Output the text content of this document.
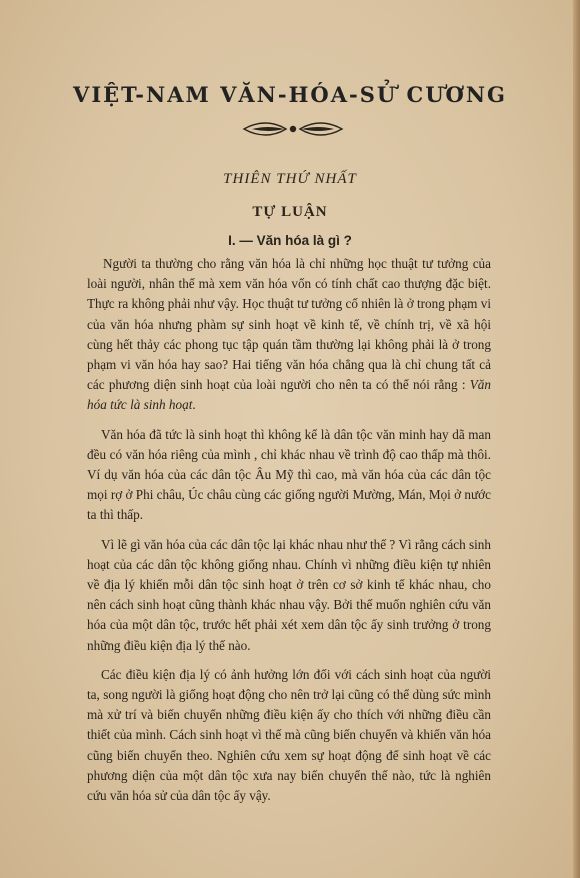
VIỆT-NAM VĂN-HÓA-SỬ CƯƠNG
THIÊN THỨ NHẤT
TỰ LUẬN
I. — Văn hóa là gì ?

Người ta thường cho rằng văn hóa là chỉ những học thuật tư tưởng của loài người, nhân thế mà xem văn hóa vốn có tính chất cao thượng đặc biệt. Thực ra không phải như vậy. Học thuật tư tưởng cố nhiên là ở trong phạm vi của văn hóa nhưng phàm sự sinh hoạt về kinh tế, về chính trị, về xã hội cùng hết thảy các phong tục tập quán tầm thường lại không phải là ở trong phạm vi văn hóa hay sao? Hai tiếng văn hóa chẳng qua là chỉ chung tất cả các phương diện sinh hoạt của loài người cho nên ta có thể nói rằng : Văn hóa tức là sinh hoạt.

Văn hóa đã tức là sinh hoạt thì không kể là dân tộc văn minh hay dã man đều có văn hóa riêng của mình , chỉ khác nhau về trình độ cao thấp mà thôi. Ví dụ văn hóa của các dân tộc Âu Mỹ thì cao, mà văn hóa của các dân tộc mọi rợ ở Phi châu, Úc châu cùng các giống người Mường, Mán, Mọi ở nước ta thì thấp.

Vì lẽ gì văn hóa của các dân tộc lại khác nhau như thế ? Vì rằng cách sinh hoạt của các dân tộc không giống nhau. Chính vì những điều kiện tự nhiên về địa lý khiến mỗi dân tộc sinh hoạt ở trên cơ sở kinh tế khác nhau, cho nên cách sinh hoạt cũng thành khác nhau vậy. Bởi thế muốn nghiên cứu văn hóa của một dân tộc, trước hết phải xét xem dân tộc ấy sinh trưởng ở trong những điều kiện địa lý thế nào.

Các điều kiện địa lý có ảnh hưởng lớn đối với cách sinh hoạt của người ta, song người là giống hoạt động cho nên trở lại cũng có thể dùng sức mình mà xử trí và biến chuyển những điều kiện ấy cho thích với những điều cần thiết của mình. Cách sinh hoạt vì thế mà cũng biến chuyển và khiến văn hóa cũng biến chuyển theo. Nghiên cứu xem sự hoạt động để sinh hoạt về các phương diện của một dân tộc xưa nay biến chuyển thế nào, tức là nghiên cứu văn hóa sử của dân tộc ấy vậy.
